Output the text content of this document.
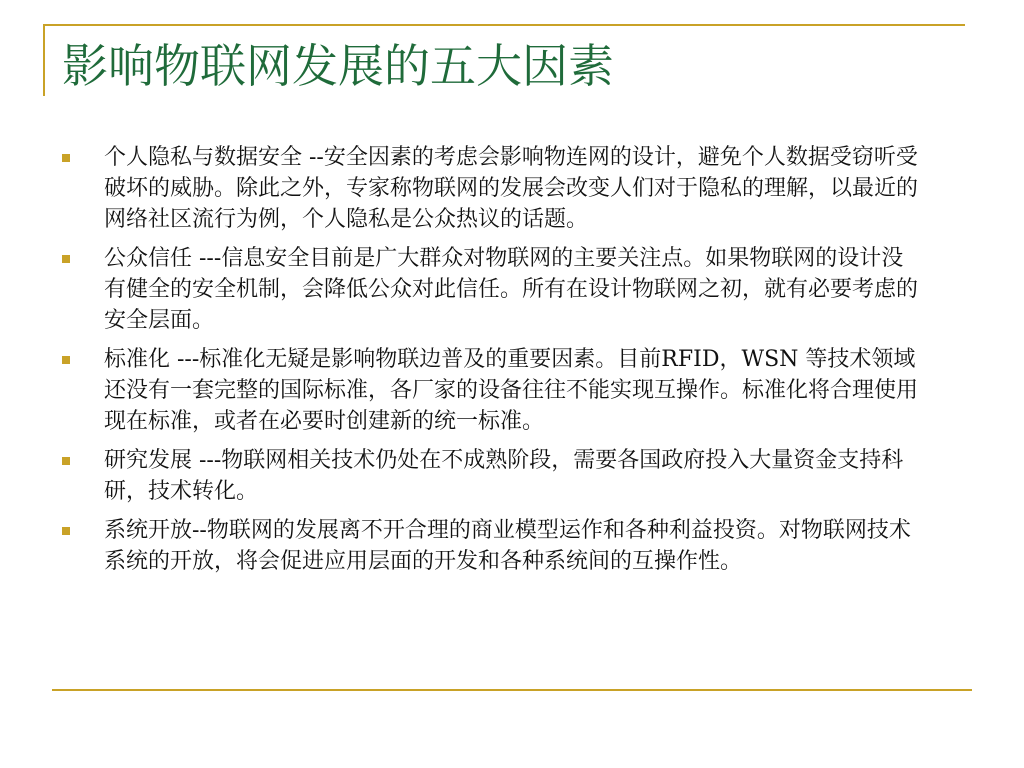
影响物联网发展的五大因素
个人隐私与数据安全 --安全因素的考虑会影响物连网的设计，避免个人数据受窃听受破坏的威胁。除此之外，专家称物联网的发展会改变人们对于隐私的理解，以最近的网络社区流行为例，个人隐私是公众热议的话题。
公众信任 ---信息安全目前是广大群众对物联网的主要关注点。如果物联网的设计没有健全的安全机制，会降低公众对此信任。所有在设计物联网之初，就有必要考虑的安全层面。
标准化 ---标准化无疑是影响物联边普及的重要因素。目前RFID，WSN 等技术领域还没有一套完整的国际标准，各厂家的设备往往不能实现互操作。标准化将合理使用现在标准，或者在必要时创建新的统一标准。
研究发展 ---物联网相关技术仍处在不成熟阶段，需要各国政府投入大量资金支持科研，技术转化。
系统开放--物联网的发展离不开合理的商业模型运作和各种利益投资。对物联网技术系统的开放，将会促进应用层面的开发和各种系统间的互操作性。
